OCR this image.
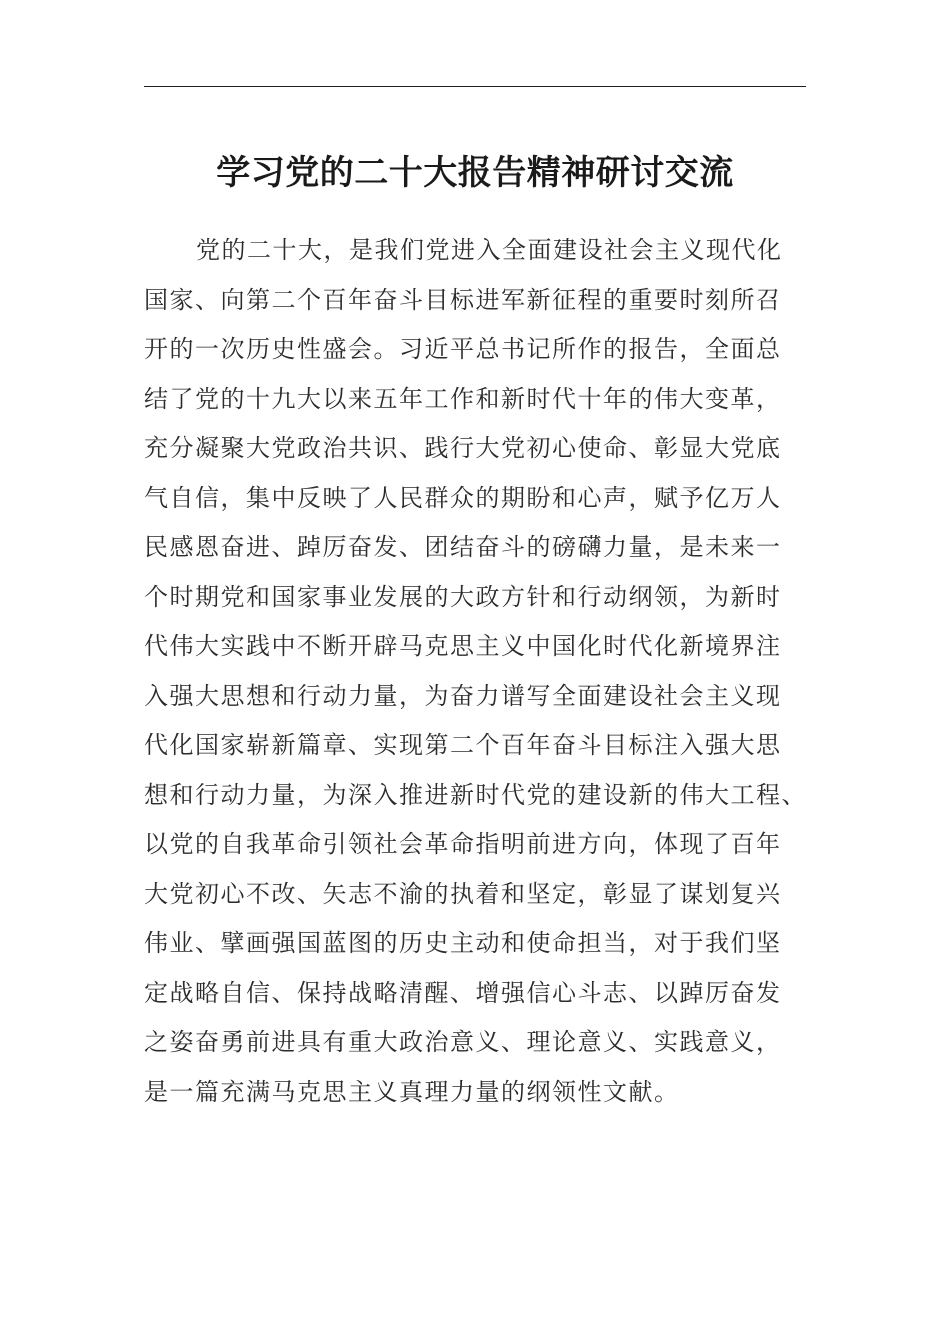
学习党的二十大报告精神研讨交流
党的二十大，是我们党进入全面建设社会主义现代化
国家、向第二个百年奋斗目标进军新征程的重要时刻所召
开的一次历史性盛会。习近平总书记所作的报告，全面总
结了党的十九大以来五年工作和新时代十年的伟大变革，
充分凝聚大党政治共识、践行大党初心使命、彰显大党底
气自信，集中反映了人民群众的期盼和心声，赋予亿万人
民感恩奋进、踔厉奋发、团结奋斗的磅礴力量，是未来一
个时期党和国家事业发展的大政方针和行动纲领，为新时
代伟大实践中不断开辟马克思主义中国化时代化新境界注
入强大思想和行动力量，为奋力谱写全面建设社会主义现
代化国家崭新篇章、实现第二个百年奋斗目标注入强大思
想和行动力量，为深入推进新时代党的建设新的伟大工程、
以党的自我革命引领社会革命指明前进方向，体现了百年
大党初心不改、矢志不渝的执着和坚定，彰显了谋划复兴
伟业、擘画强国蓝图的历史主动和使命担当，对于我们坚
定战略自信、保持战略清醒、增强信心斗志、以踔厉奋发
之姿奋勇前进具有重大政治意义、理论意义、实践意义，
是一篇充满马克思主义真理力量的纲领性文献。
